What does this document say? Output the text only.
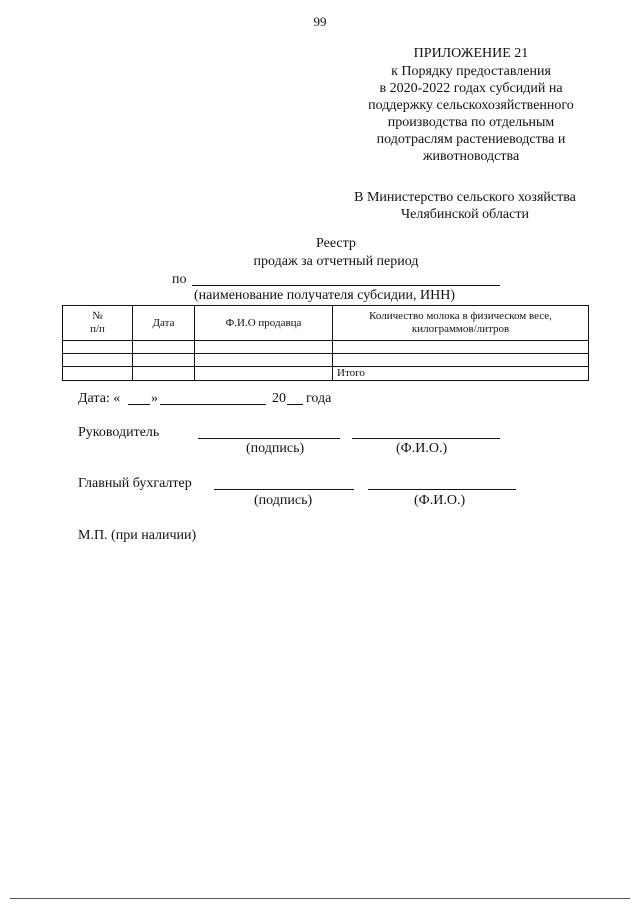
99
ПРИЛОЖЕНИЕ 21
к Порядку предоставления
в 2020-2022 годах субсидий на
поддержку сельскохозяйственного
производства по отдельным
подотраслям растениеводства и
животноводства
В Министерство сельского хозяйства
Челябинской области
Реестр
продаж за отчетный период
по
(наименование получателя субсидии, ИНН)
№
п/п	Дата	Ф.И.О продавца	Количество молока в физическом весе, килограммов/литров

			Итого
Дата: « »	20 года
Руководитель
(подпись)	(Ф.И.О.)
Главный бухгалтер
(подпись)	(Ф.И.О.)
М.П. (при наличии)
